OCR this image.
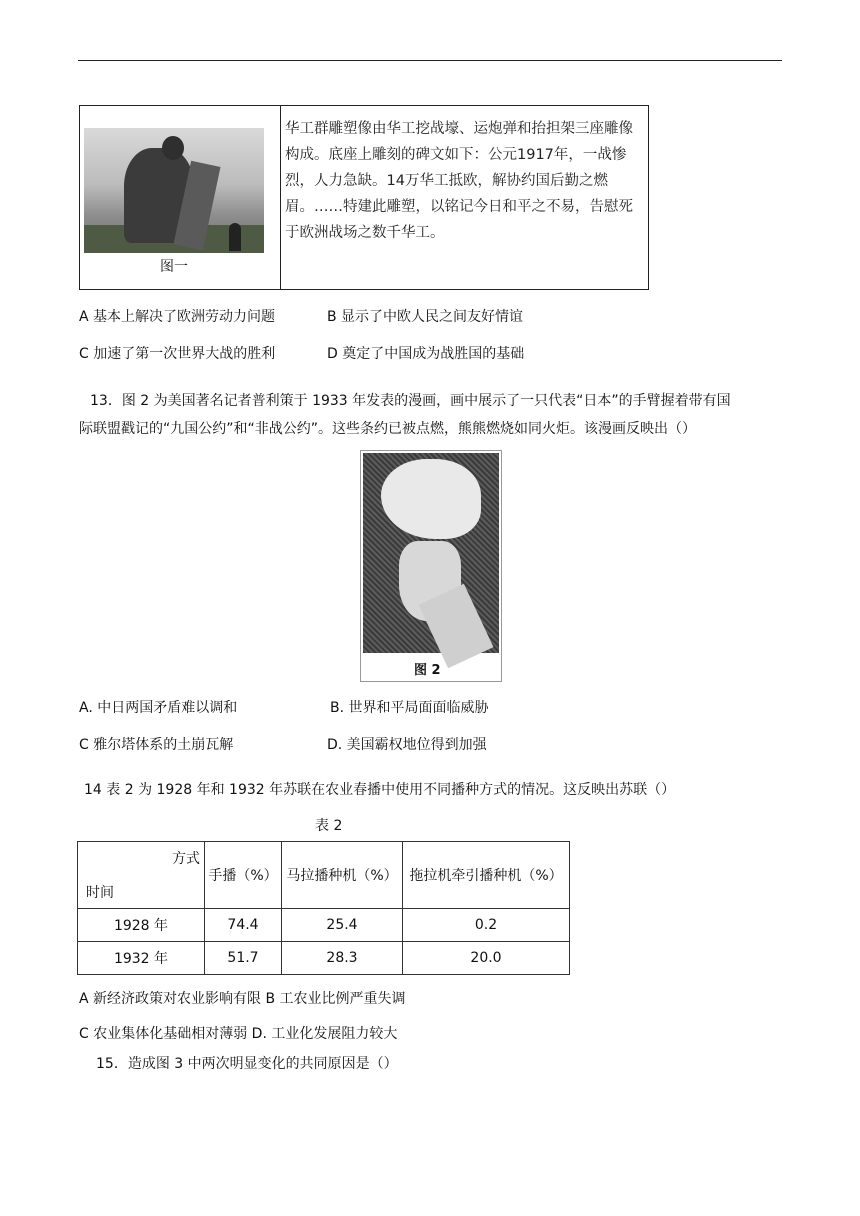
图一
华工群雕塑像由华工挖战壕、运炮弹和抬担架三座雕像构成。底座上雕刻的碑文如下：公元1917年，一战惨烈，人力急缺。14万华工抵欧，解协约国后勤之燃眉。……特建此雕塑，以铭记今日和平之不易，告慰死于欧洲战场之数千华工。
A 基本上解决了欧洲劳动力问题	B 显示了中欧人民之间友好情谊
C 加速了第一次世界大战的胜利	D 奠定了中国成为战胜国的基础
13．图 2 为美国著名记者普利策于 1933 年发表的漫画，画中展示了一只代表“日本”的手臂握着带有国
际联盟戳记的“九国公约”和“非战公约”。这些条约已被点燃，熊熊燃烧如同火炬。该漫画反映出（）
图 2
A. 中日两国矛盾难以调和	B. 世界和平局面面临威胁
C 雅尔塔体系的土崩瓦解	D. 美国霸权地位得到加强
14 表 2 为 1928 年和 1932 年苏联在农业春播中使用不同播种方式的情况。这反映出苏联（）
表 2
方式
时间	手播（%）	马拉播种机（%）	拖拉机牵引播种机（%）
1928 年	74.4	25.4	0.2
1932 年	51.7	28.3	20.0
A 新经济政策对农业影响有限 B 工农业比例严重失调
C 农业集体化基础相对薄弱 D. 工业化发展阻力较大
15．造成图 3 中两次明显变化的共同原因是（）
